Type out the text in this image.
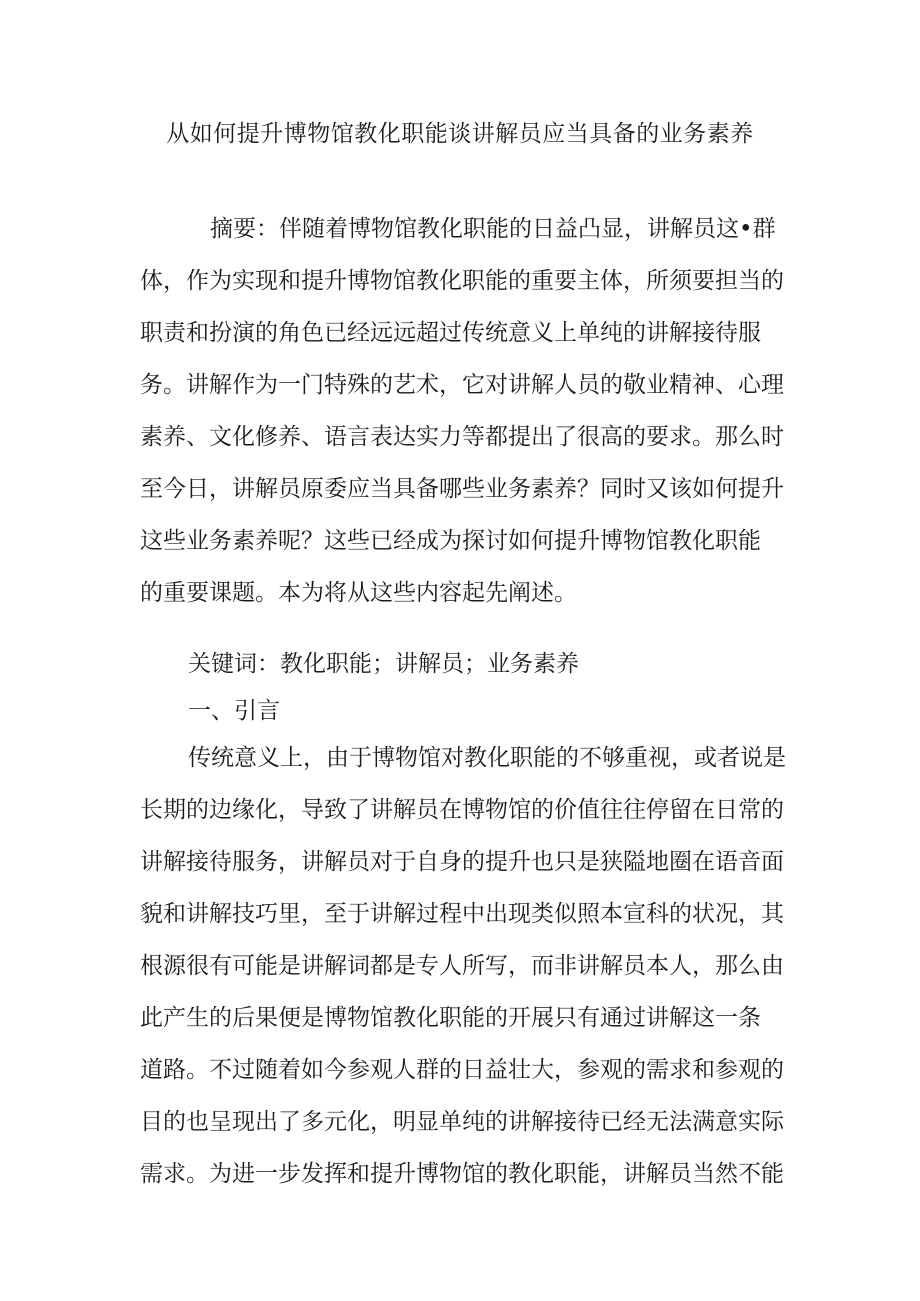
从如何提升博物馆教化职能谈讲解员应当具备的业务素养

摘要：伴随着博物馆教化职能的日益凸显，讲解员这•群

体，作为实现和提升博物馆教化职能的重要主体，所须要担当的

职责和扮演的角色已经远远超过传统意义上单纯的讲解接待服

务。讲解作为一门特殊的艺术，它对讲解人员的敬业精神、心理

素养、文化修养、语言表达实力等都提出了很高的要求。那么时

至今日，讲解员原委应当具备哪些业务素养？同时又该如何提升

这些业务素养呢？这些已经成为探讨如何提升博物馆教化职能

的重要课题。本为将从这些内容起先阐述。

关键词：教化职能；讲解员；业务素养

一、引言

传统意义上，由于博物馆对教化职能的不够重视，或者说是

长期的边缘化，导致了讲解员在博物馆的价值往往停留在日常的

讲解接待服务，讲解员对于自身的提升也只是狭隘地圈在语音面

貌和讲解技巧里，至于讲解过程中出现类似照本宣科的状况，其

根源很有可能是讲解词都是专人所写，而非讲解员本人，那么由

此产生的后果便是博物馆教化职能的开展只有通过讲解这一条

道路。不过随着如今参观人群的日益壮大，参观的需求和参观的

目的也呈现出了多元化，明显单纯的讲解接待已经无法满意实际

需求。为进一步发挥和提升博物馆的教化职能，讲解员当然不能
